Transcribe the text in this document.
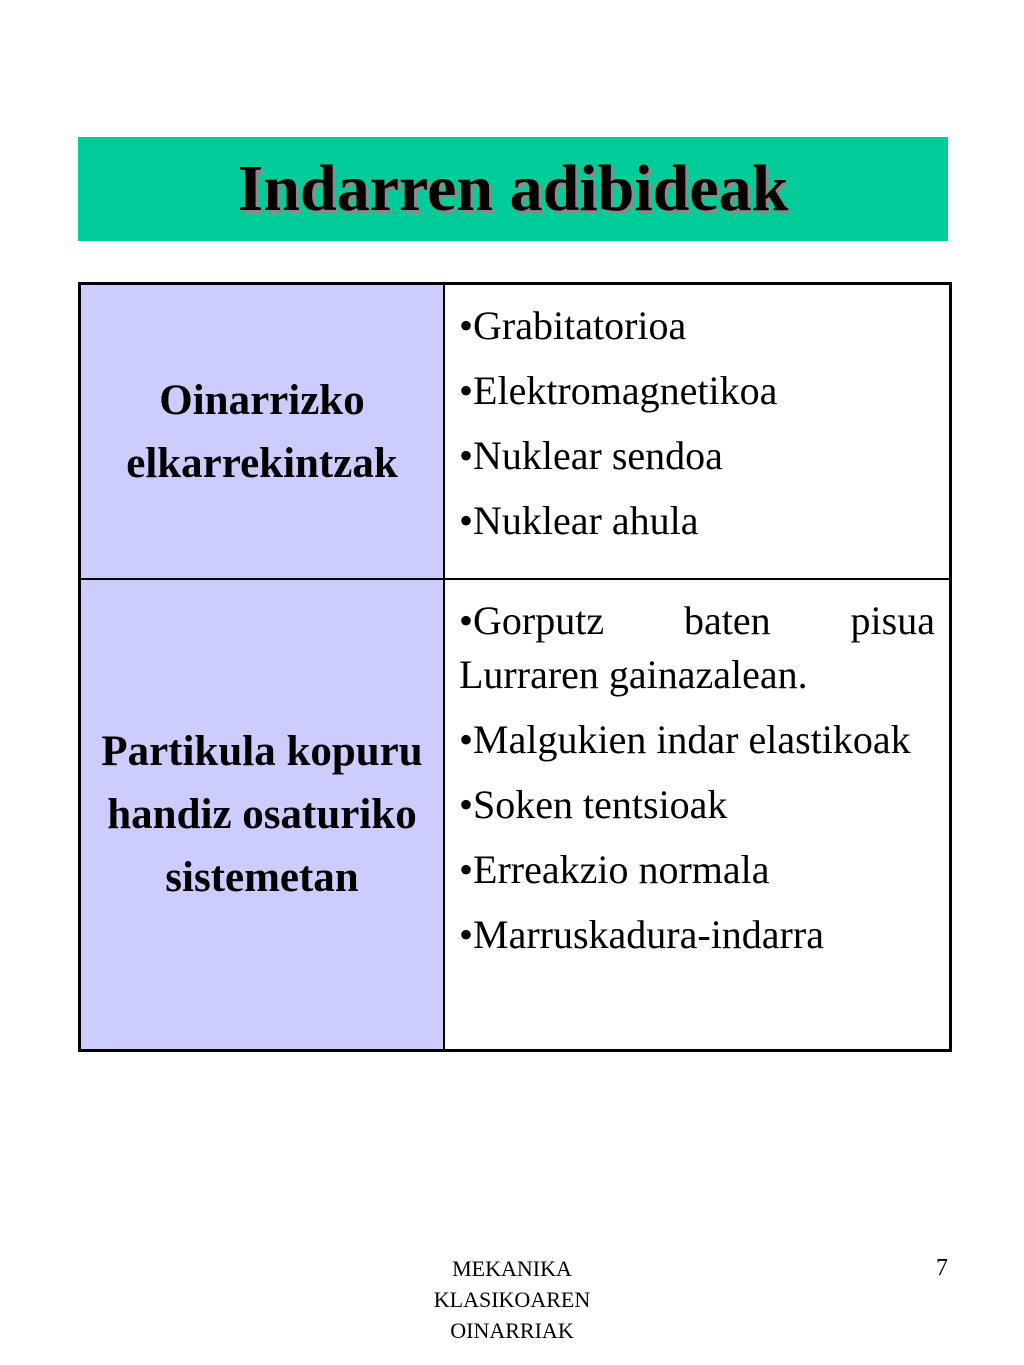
Indarren adibideak
Oinarrizko elkarrekintzak
• Grabitatorioa
• Elektromagnetikoa
• Nuklear sendoa
• Nuklear ahula
Partikula kopuru handiz osaturiko sistemetan
• Gorputz baten pisua Lurraren gainazalean.
• Malgukien indar elastikoak
• Soken tentsioak
• Erreakzio normala
• Marruskadura-indarra
MEKANIKA
KLASIKOAREN
OINARRIAK
7
